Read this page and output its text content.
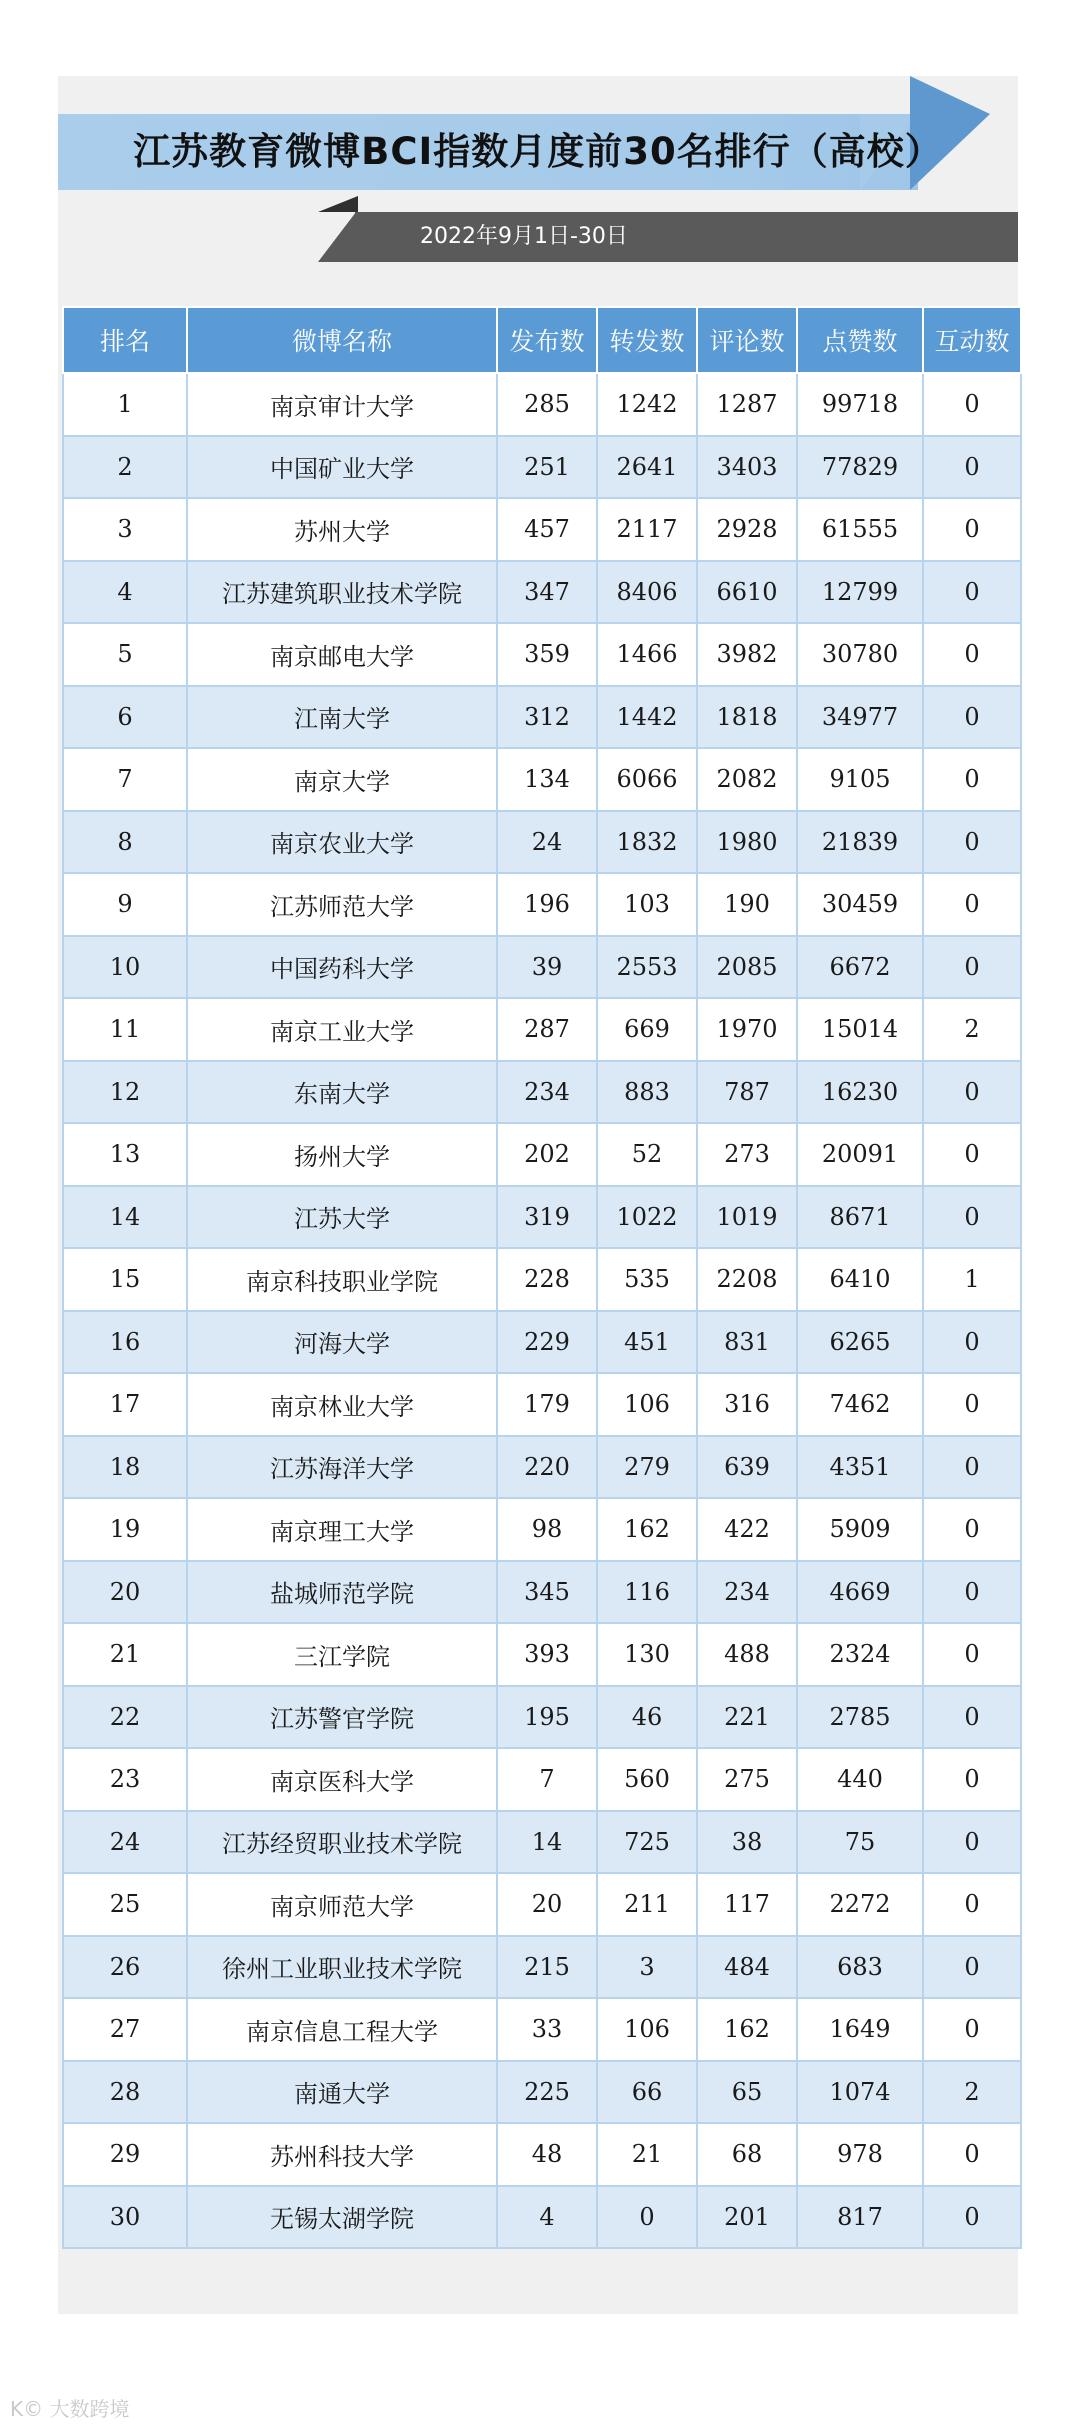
江苏教育微博BCI指数月度前30名排行（高校）
2022年9月1日-30日
排名	微博名称	发布数	转发数	评论数	点赞数	互动数
1	南京审计大学	285	1242	1287	99718	0
2	中国矿业大学	251	2641	3403	77829	0
3	苏州大学	457	2117	2928	61555	0
4	江苏建筑职业技术学院	347	8406	6610	12799	0
5	南京邮电大学	359	1466	3982	30780	0
6	江南大学	312	1442	1818	34977	0
7	南京大学	134	6066	2082	9105	0
8	南京农业大学	24	1832	1980	21839	0
9	江苏师范大学	196	103	190	30459	0
10	中国药科大学	39	2553	2085	6672	0
11	南京工业大学	287	669	1970	15014	2
12	东南大学	234	883	787	16230	0
13	扬州大学	202	52	273	20091	0
14	江苏大学	319	1022	1019	8671	0
15	南京科技职业学院	228	535	2208	6410	1
16	河海大学	229	451	831	6265	0
17	南京林业大学	179	106	316	7462	0
18	江苏海洋大学	220	279	639	4351	0
19	南京理工大学	98	162	422	5909	0
20	盐城师范学院	345	116	234	4669	0
21	三江学院	393	130	488	2324	0
22	江苏警官学院	195	46	221	2785	0
23	南京医科大学	7	560	275	440	0
24	江苏经贸职业技术学院	14	725	38	75	0
25	南京师范大学	20	211	117	2272	0
26	徐州工业职业技术学院	215	3	484	683	0
27	南京信息工程大学	33	106	162	1649	0
28	南通大学	225	66	65	1074	2
29	苏州科技大学	48	21	68	978	0
30	无锡太湖学院	4	0	201	817	0
K© 大数跨境
